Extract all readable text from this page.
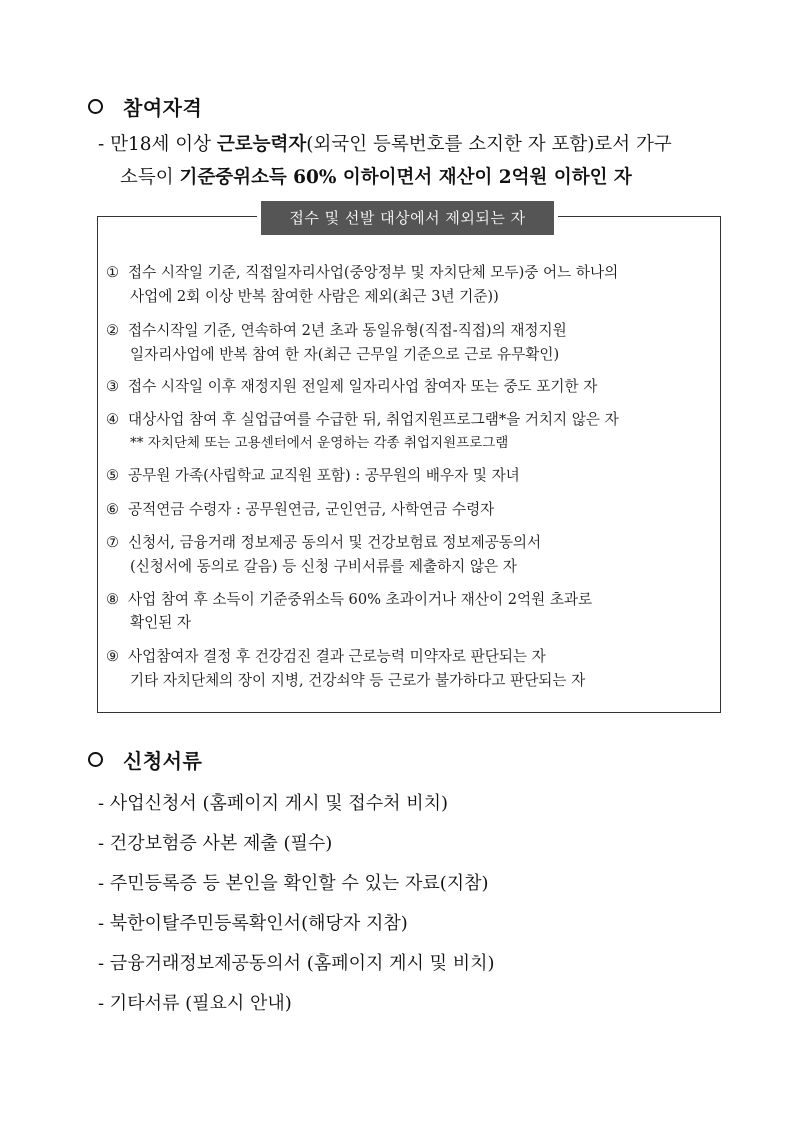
참여자격
- 만18세 이상 근로능력자(외국인 등록번호를 소지한 자 포함)로서 가구
소득이 기준중위소득 60% 이하이면서 재산이 2억원 이하인 자
접수 및 선발 대상에서 제외되는 자
① 접수 시작일 기준, 직접일자리사업(중앙정부 및 자치단체 모두)중 어느 하나의
사업에 2회 이상 반복 참여한 사람은 제외(최근 3년 기준))
② 접수시작일 기준, 연속하여 2년 초과 동일유형(직접-직접)의 재정지원
일자리사업에 반복 참여 한 자(최근 근무일 기준으로 근로 유무확인)
③ 접수 시작일 이후 재정지원 전일제 일자리사업 참여자 또는 중도 포기한 자
④ 대상사업 참여 후 실업급여를 수급한 뒤, 취업지원프로그램*을 거치지 않은 자
** 자치단체 또는 고용센터에서 운영하는 각종 취업지원프로그램
⑤ 공무원 가족(사립학교 교직원 포함) : 공무원의 배우자 및 자녀
⑥ 공적연금 수령자 : 공무원연금, 군인연금, 사학연금 수령자
⑦ 신청서, 금융거래 정보제공 동의서 및 건강보험료 정보제공동의서
(신청서에 동의로 갈음) 등 신청 구비서류를 제출하지 않은 자
⑧ 사업 참여 후 소득이 기준중위소득 60% 초과이거나 재산이 2억원 초과로
확인된 자
⑨ 사업참여자 결정 후 건강검진 결과 근로능력 미약자로 판단되는 자
기타 자치단체의 장이 지병, 건강쇠약 등 근로가 불가하다고 판단되는 자
신청서류
- 사업신청서 (홈페이지 게시 및 접수처 비치)
- 건강보험증 사본 제출 (필수)
- 주민등록증 등 본인을 확인할 수 있는 자료(지참)
- 북한이탈주민등록확인서(해당자 지참)
- 금융거래정보제공동의서 (홈페이지 게시 및 비치)
- 기타서류 (필요시 안내)
